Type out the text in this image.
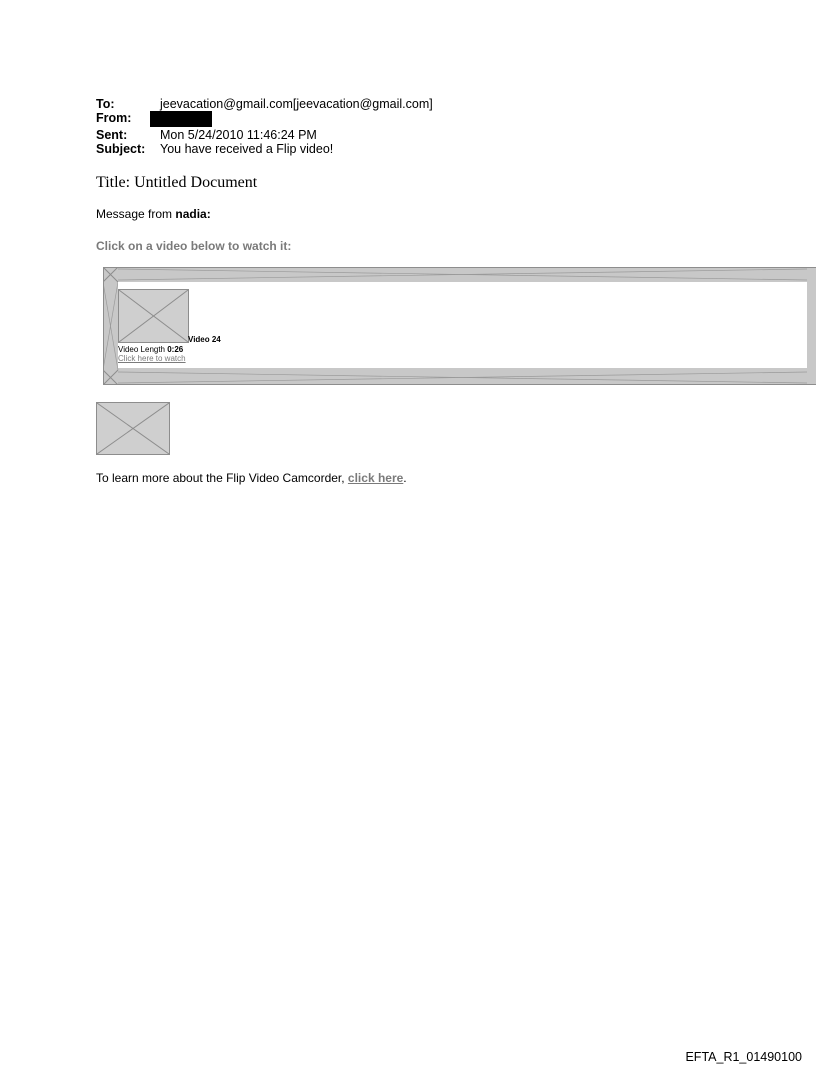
To:	jeevacation@gmail.com[jeevacation@gmail.com]
From:
Sent:	Mon 5/24/2010 11:46:24 PM
Subject: You have received a Flip video!
Title: Untitled Document
Message from nadia:
Click on a video below to watch it:
Video 24
Video Length 0:26
Click here to watch
To learn more about the Flip Video Camcorder, click here.
EFTA_R1_01490100
